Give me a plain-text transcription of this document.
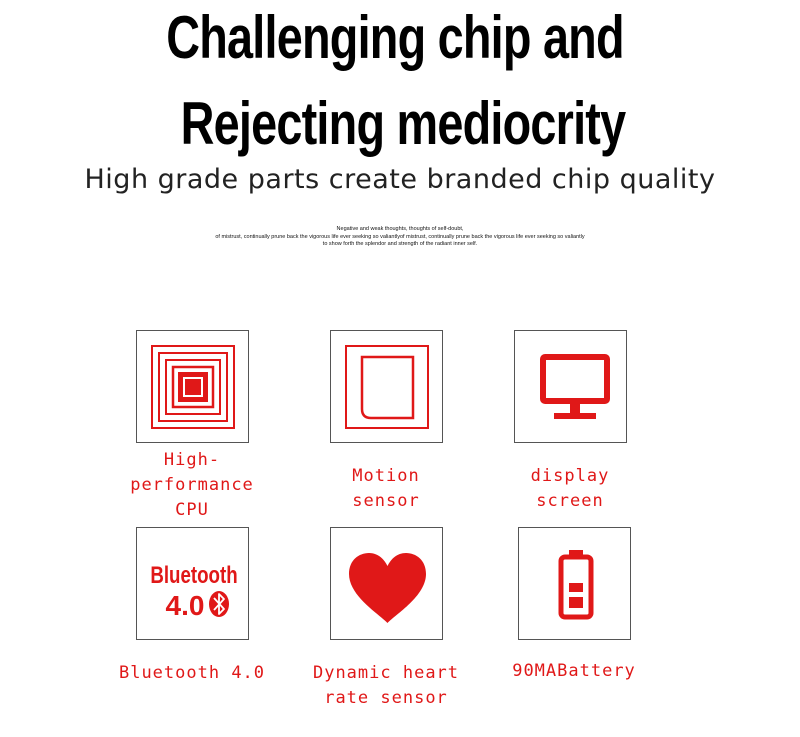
Challenging chip and
Rejecting mediocrity
High grade parts create branded chip quality
Negative and weak thoughts, thoughts of self-doubt,
of mistrust, continually prune back the vigorous life ever seeking so valiantlyof mistrust, continually prune back the vigorous life ever seeking so valiantly
to show forth the splendor and strength of the radiant inner self.
High-
performance
CPU
Motion
sensor
display
screen
Bluetooth
4.0
Bluetooth 4.0	Dynamic heart
rate sensor
90MABattery
